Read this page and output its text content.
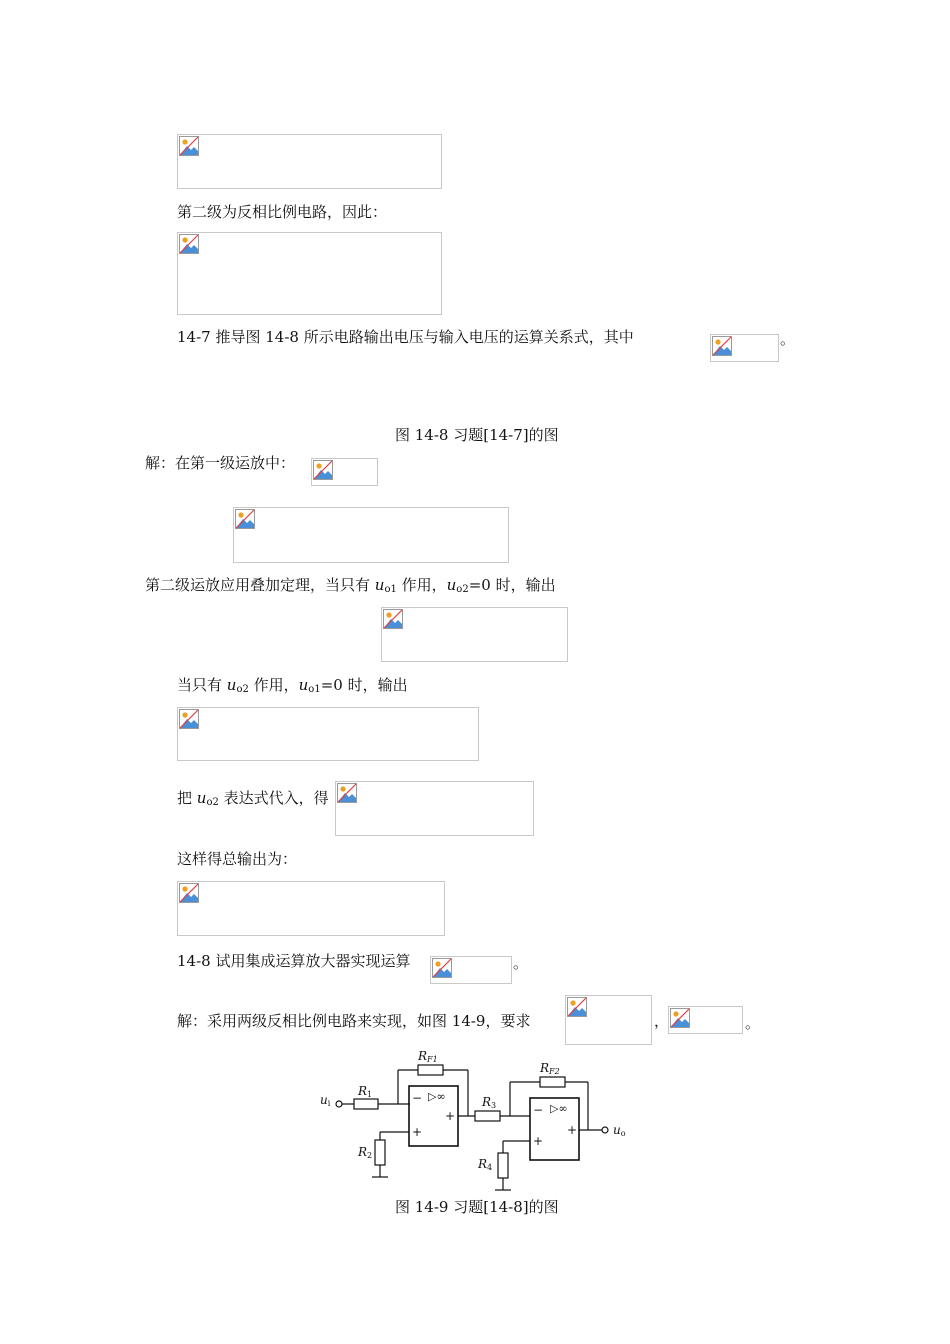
第二级为反相比例电路，因此：
14-7 推导图 14-8 所示电路输出电压与输入电压的运算关系式，其中	。
图 14-8 习题[14-7]的图
解：在第一级运放中：
第二级运放应用叠加定理，当只有 $u_{o1}$ 作用，$u_{o2}=0$ 时，输出
当只有 $u_{o2}$ 作用，$u_{o1}=0$ 时，输出
把 $u_{o2}$ 表达式代入，得
这样得总输出为：
14-8 试用集成运算放大器实现运算	。
解：采用两级反相比例电路来实现，如图 14-9，要求	，	。
ui
R1
RF1
R3
R2
RF2
R4
uo
▷∞
−
+
+
▷∞
−
+
+
图 14-9 习题[14-8]的图
